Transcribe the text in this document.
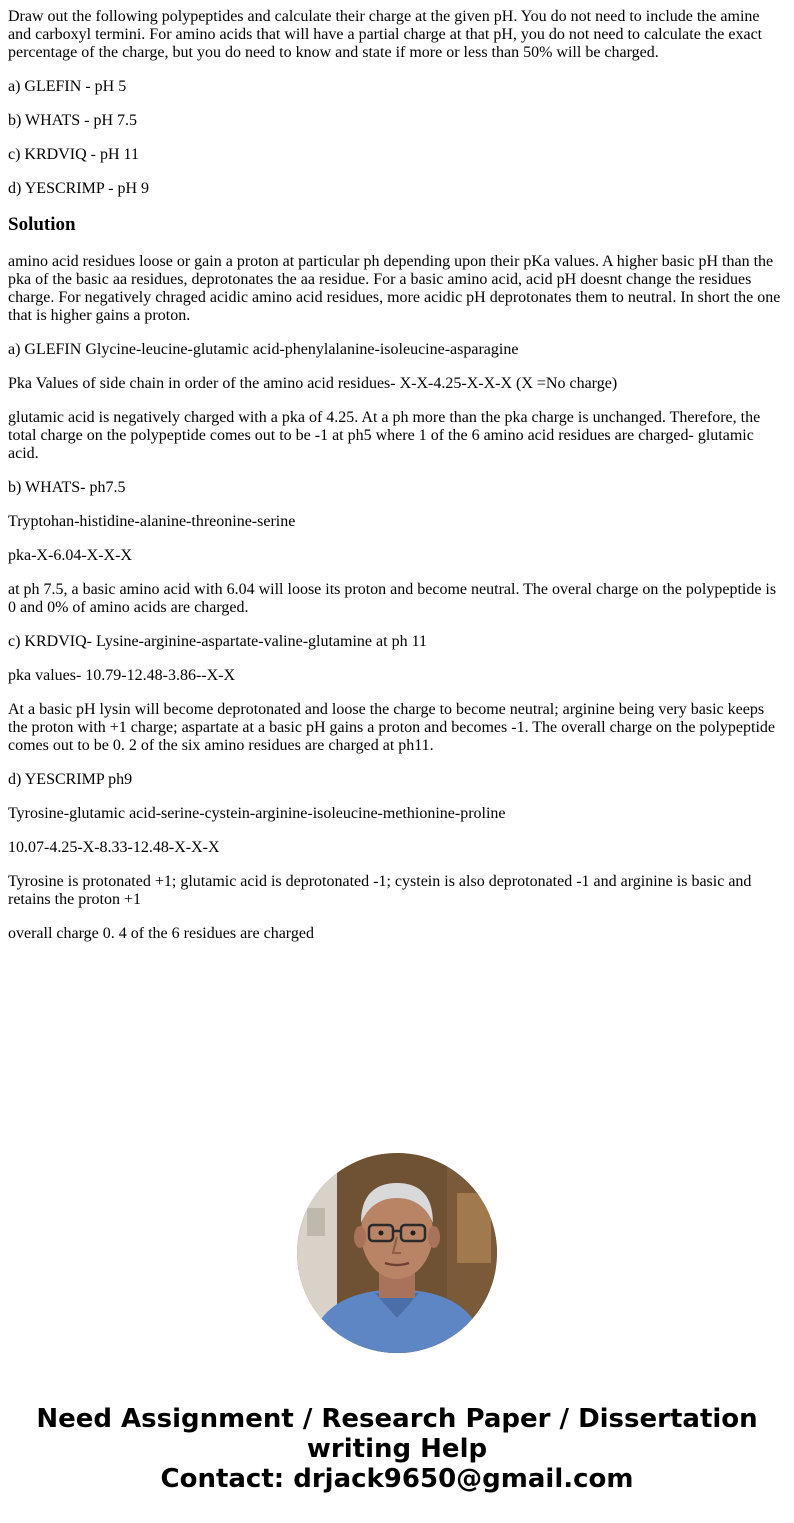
Draw out the following polypeptides and calculate their charge at the given pH. You do not need to include the amine and carboxyl termini. For amino acids that will have a partial charge at that pH, you do not need to calculate the exact percentage of the charge, but you do need to know and state if more or less than 50% will be charged.

a) GLEFIN - pH 5

b) WHATS - pH 7.5

c) KRDVIQ - pH 11

d) YESCRIMP - pH 9

Solution

amino acid residues loose or gain a proton at particular ph depending upon their pKa values. A higher basic pH than the pka of the basic aa residues, deprotonates the aa residue. For a basic amino acid, acid pH doesnt change the residues charge. For negatively chraged acidic amino acid residues, more acidic pH deprotonates them to neutral. In short the one that is higher gains a proton.

a) GLEFIN Glycine-leucine-glutamic acid-phenylalanine-isoleucine-asparagine

Pka Values of side chain in order of the amino acid residues- X-X-4.25-X-X-X (X =No charge)

glutamic acid is negatively charged with a pka of 4.25. At a ph more than the pka charge is unchanged. Therefore, the total charge on the polypeptide comes out to be -1 at ph5 where 1 of the 6 amino acid residues are charged- glutamic acid.

b) WHATS- ph7.5

Tryptohan-histidine-alanine-threonine-serine

pka-X-6.04-X-X-X

at ph 7.5, a basic amino acid with 6.04 will loose its proton and become neutral. The overal charge on the polypeptide is 0 and 0% of amino acids are charged.

c) KRDVIQ- Lysine-arginine-aspartate-valine-glutamine at ph 11

pka values- 10.79-12.48-3.86--X-X

At a basic pH lysin will become deprotonated and loose the charge to become neutral; arginine being very basic keeps the proton with +1 charge; aspartate at a basic pH gains a proton and becomes -1. The overall charge on the polypeptide comes out to be 0. 2 of the six amino residues are charged at ph11.

d) YESCRIMP ph9

Tyrosine-glutamic acid-serine-cystein-arginine-isoleucine-methionine-proline

10.07-4.25-X-8.33-12.48-X-X-X

Tyrosine is protonated +1; glutamic acid is deprotonated -1; cystein is also deprotonated -1 and arginine is basic and retains the proton +1

overall charge 0. 4 of the 6 residues are charged

Need Assignment / Research Paper / Dissertation
writing Help
Contact: drjack9650@gmail.com
